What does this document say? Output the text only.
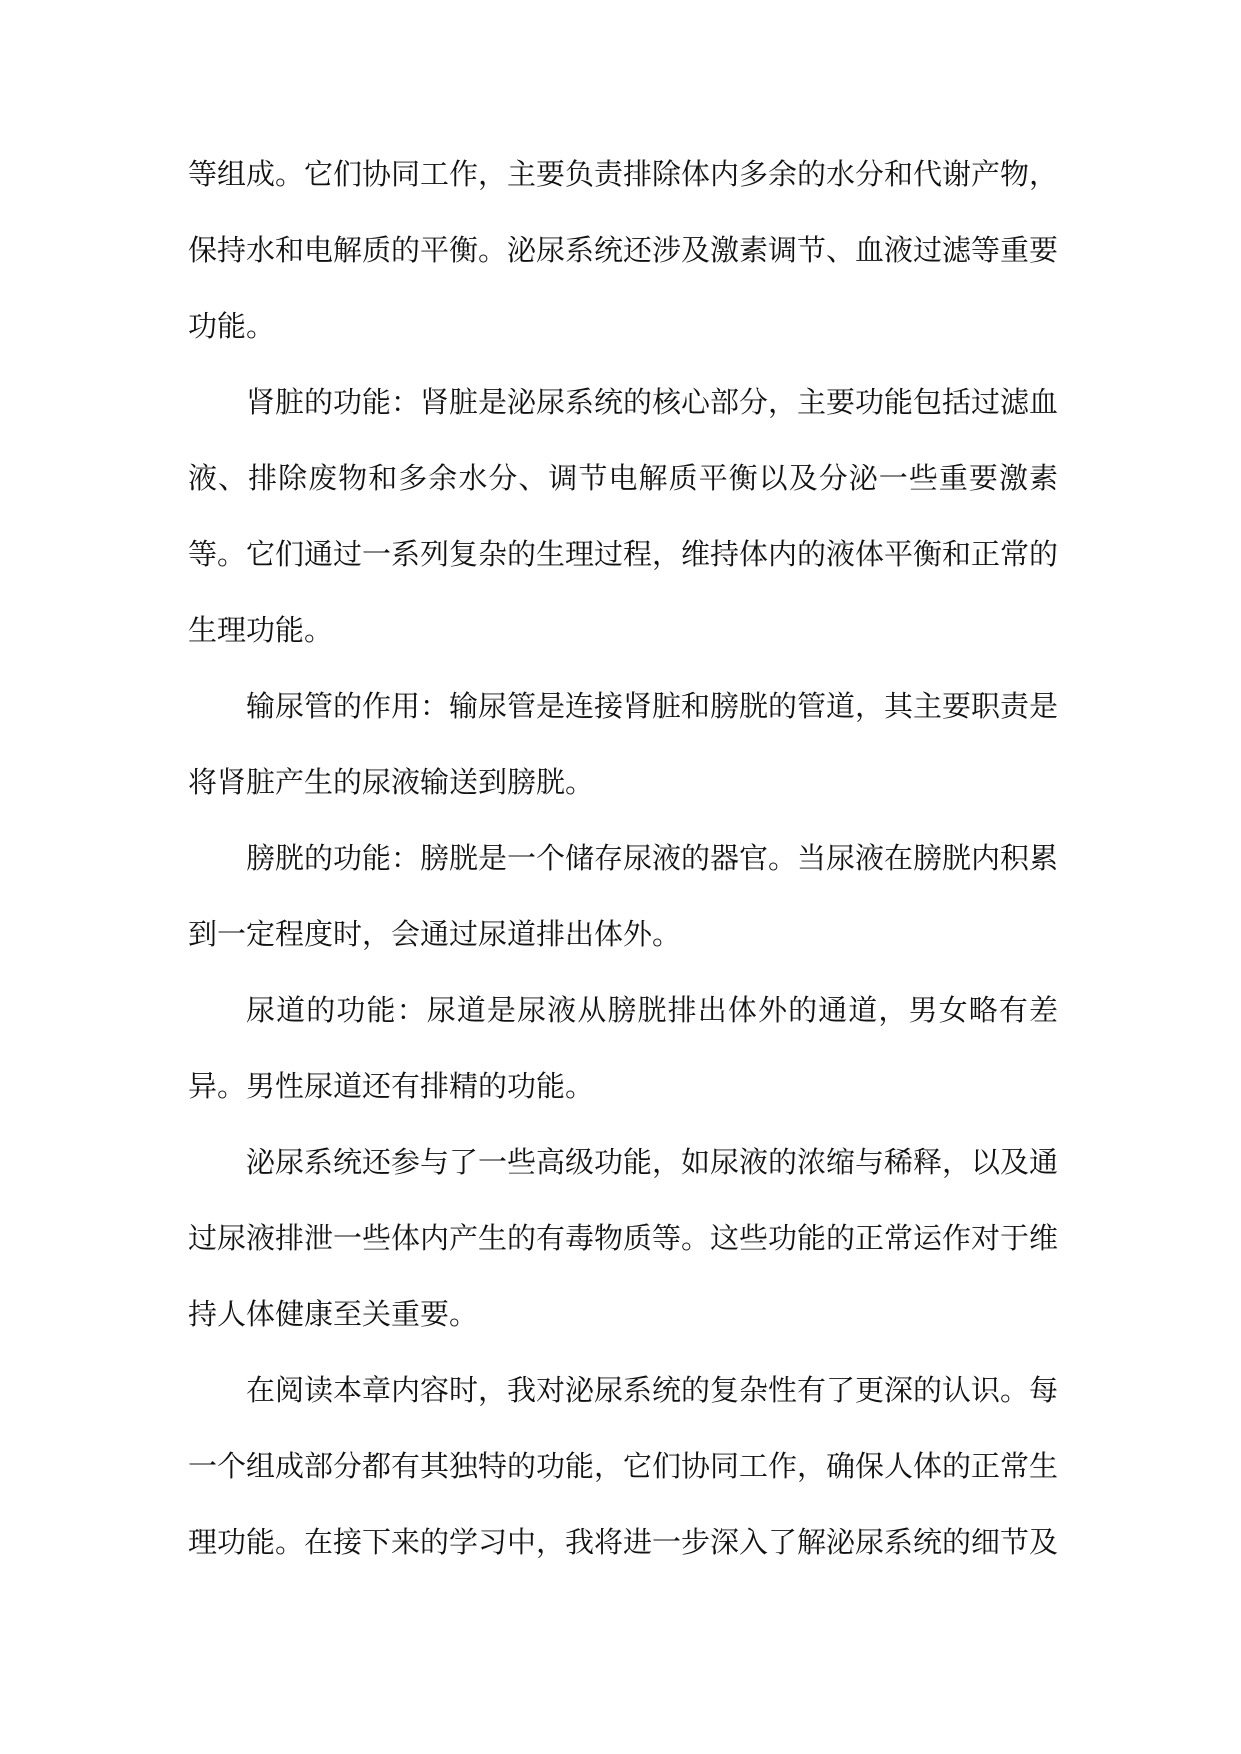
等组成。它们协同工作，主要负责排除体内多余的水分和代谢产物，保持水和电解质的平衡。泌尿系统还涉及激素调节、血液过滤等重要功能。

肾脏的功能：肾脏是泌尿系统的核心部分，主要功能包括过滤血液、排除废物和多余水分、调节电解质平衡以及分泌一些重要激素等。它们通过一系列复杂的生理过程，维持体内的液体平衡和正常的生理功能。

输尿管的作用：输尿管是连接肾脏和膀胱的管道，其主要职责是将肾脏产生的尿液输送到膀胱。

膀胱的功能：膀胱是一个储存尿液的器官。当尿液在膀胱内积累到一定程度时，会通过尿道排出体外。

尿道的功能：尿道是尿液从膀胱排出体外的通道，男女略有差异。男性尿道还有排精的功能。

泌尿系统还参与了一些高级功能，如尿液的浓缩与稀释，以及通过尿液排泄一些体内产生的有毒物质等。这些功能的正常运作对于维持人体健康至关重要。

在阅读本章内容时，我对泌尿系统的复杂性有了更深的认识。每一个组成部分都有其独特的功能，它们协同工作，确保人体的正常生理功能。在接下来的学习中，我将进一步深入了解泌尿系统的细节及
